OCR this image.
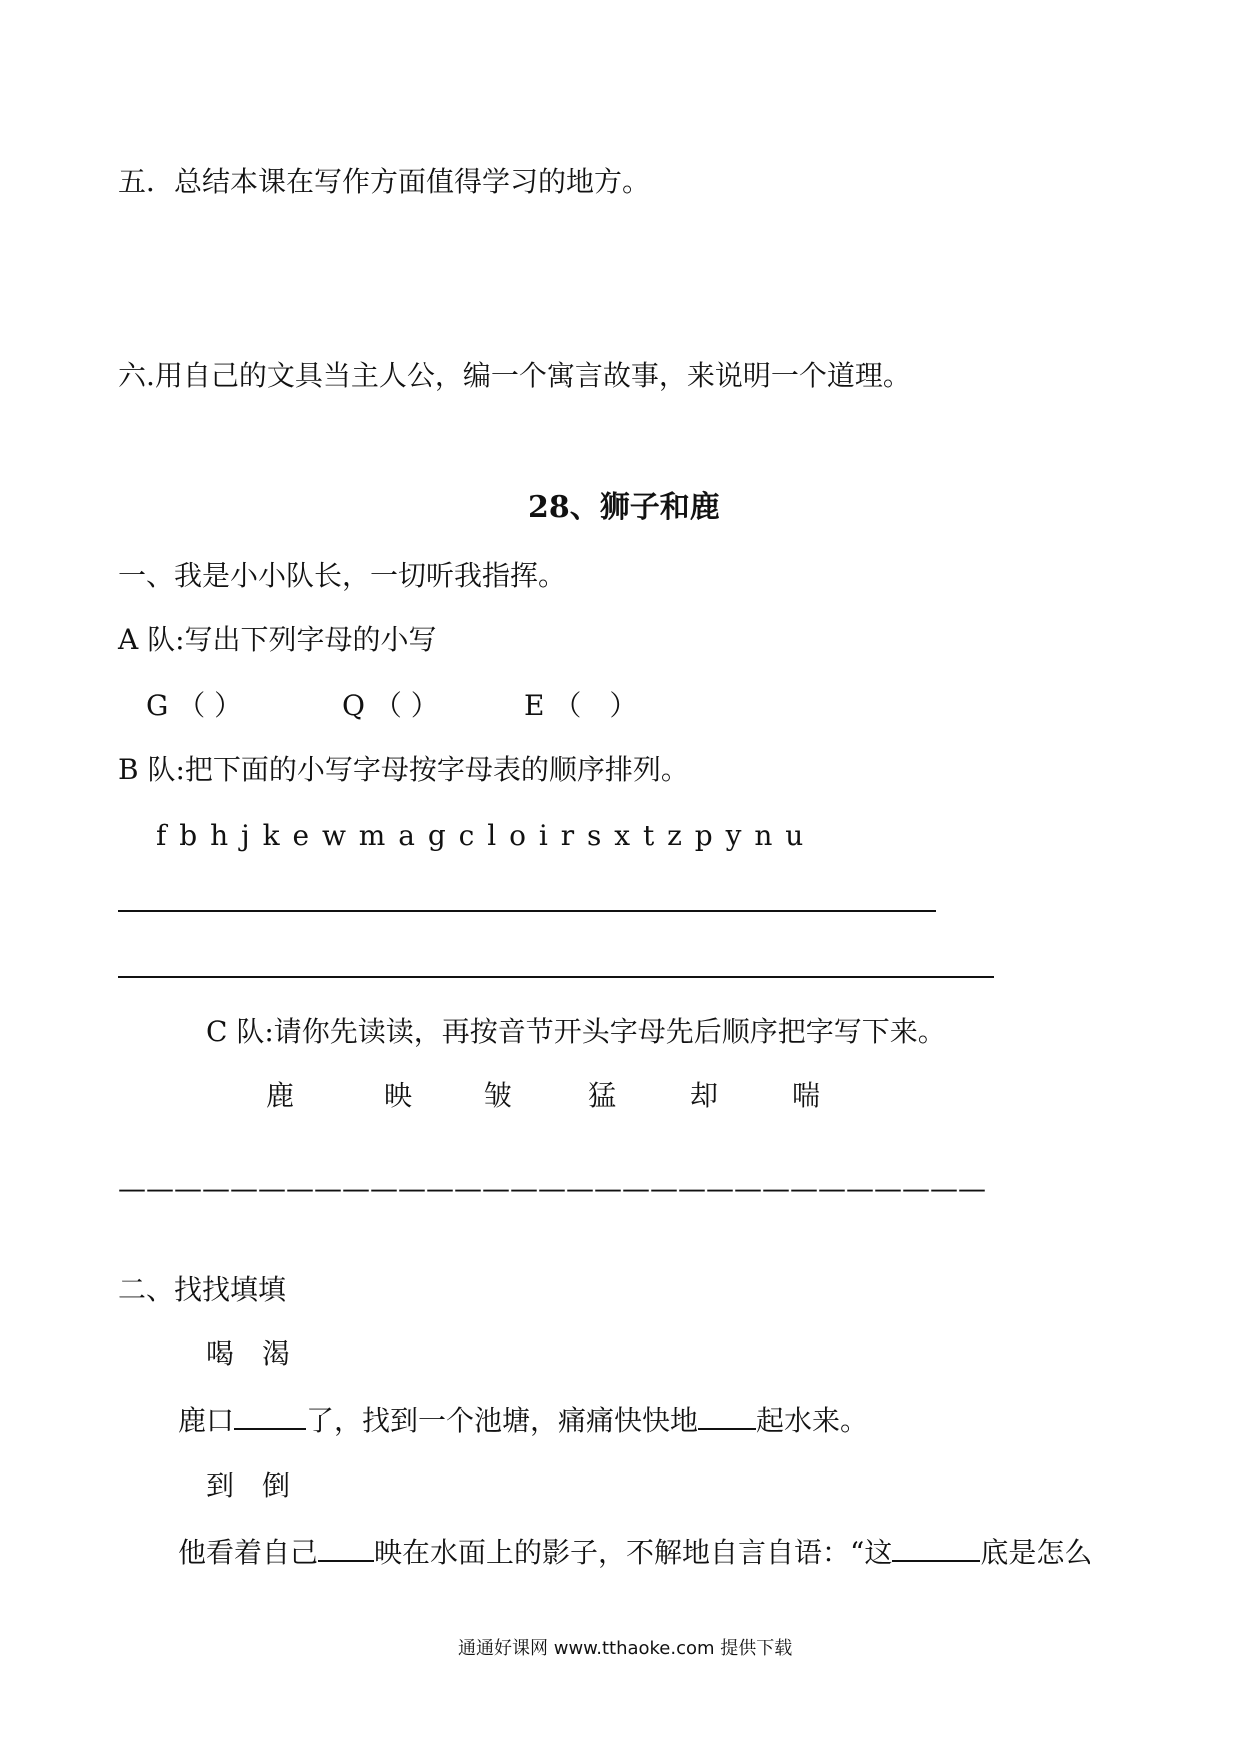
五．总结本课在写作方面值得学习的地方。
六.用自己的文具当主人公，编一个寓言故事，来说明一个道理。
28、狮子和鹿
一、我是小小队长，一切听我指挥。
A 队:写出下列字母的小写
G （ ）	Q （ ）	E （　）
B 队:把下面的小写字母按字母表的顺序排列。
f b h j k e w m a g c l o i r s x t z p y n u
C 队:请你先读读，再按音节开头字母先后顺序把字写下来。
鹿	映	皱	猛	却	喘
———————————————————————————————
二、找找填填
喝　渴
鹿口	了，找到一个池塘，痛痛快快地 起水来。
到　倒
他看着自己 映在水面上的影子，不解地自言自语：“这	底是怎么
通通好课网 www.tthaoke.com 提供下载
